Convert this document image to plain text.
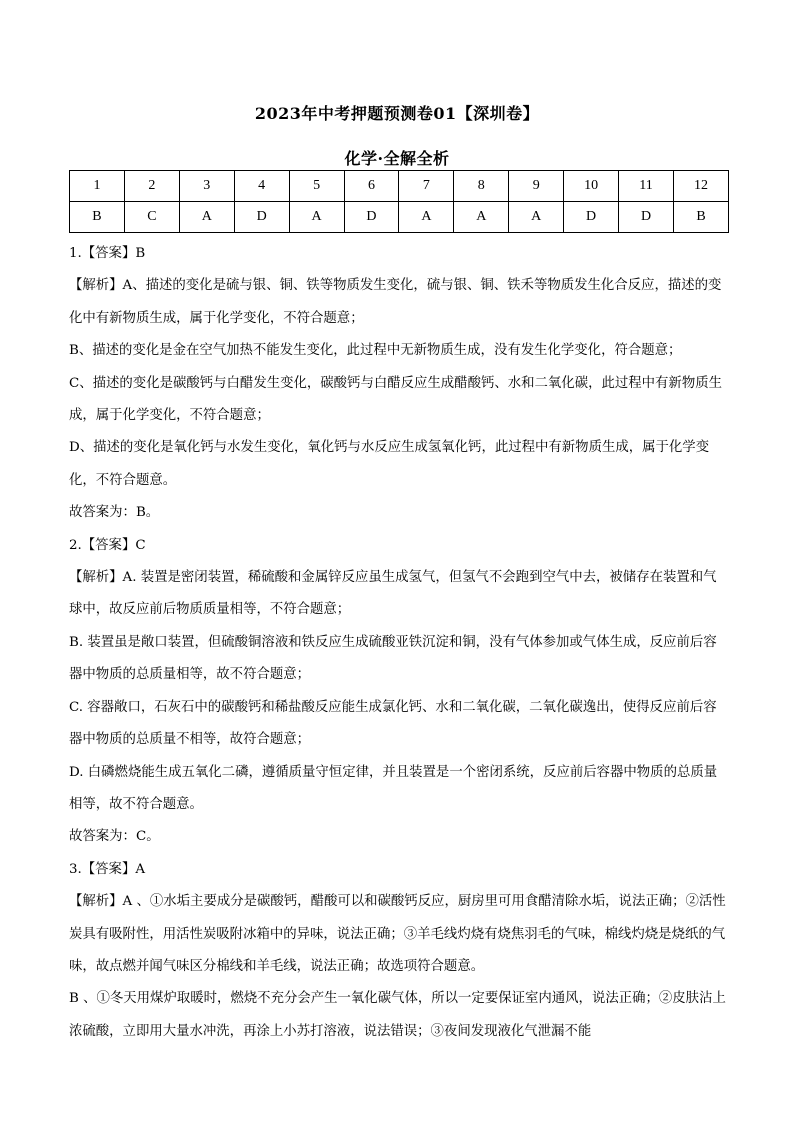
2023年中考押题预测卷01【深圳卷】
化学·全解全析
1	2	3	4	5	6	7	8	9	10	11	12
B	C	A	D	A	D	A	A	A	D	D	B

1.【答案】B

【解析】A、描述的变化是硫与银、铜、铁等物质发生变化，硫与银、铜、铁禾等物质发生化合反应，描述的变化中有新物质生成，属于化学变化，不符合题意；

B、描述的变化是金在空气加热不能发生变化，此过程中无新物质生成，没有发生化学变化，符合题意；

C、描述的变化是碳酸钙与白醋发生变化，碳酸钙与白醋反应生成醋酸钙、水和二氧化碳，此过程中有新物质生成，属于化学变化，不符合题意；

D、描述的变化是氧化钙与水发生变化，氧化钙与水反应生成氢氧化钙，此过程中有新物质生成，属于化学变化，不符合题意。

故答案为：B。

2.【答案】C

【解析】A. 装置是密闭装置，稀硫酸和金属锌反应虽生成氢气，但氢气不会跑到空气中去，被储存在装置和气球中，故反应前后物质质量相等，不符合题意；

B. 装置虽是敞口装置，但硫酸铜溶液和铁反应生成硫酸亚铁沉淀和铜，没有气体参加或气体生成，反应前后容器中物质的总质量相等，故不符合题意；

C. 容器敞口，石灰石中的碳酸钙和稀盐酸反应能生成氯化钙、水和二氧化碳，二氧化碳逸出，使得反应前后容器中物质的总质量不相等，故符合题意；

D. 白磷燃烧能生成五氧化二磷，遵循质量守恒定律，并且装置是一个密闭系统，反应前后容器中物质的总质量相等，故不符合题意。

故答案为：C。

3.【答案】A

【解析】A 、①水垢主要成分是碳酸钙，醋酸可以和碳酸钙反应，厨房里可用食醋清除水垢，说法正确；②活性炭具有吸附性，用活性炭吸附冰箱中的异味，说法正确；③羊毛线灼烧有烧焦羽毛的气味，棉线灼烧是烧纸的气味，故点燃并闻气味区分棉线和羊毛线，说法正确；故选项符合题意。

B 、①冬天用煤炉取暖时，燃烧不充分会产生一氧化碳气体，所以一定要保证室内通风，说法正确；②皮肤沾上浓硫酸，立即用大量水冲洗，再涂上小苏打溶液，说法错误；③夜间发现液化气泄漏不能
